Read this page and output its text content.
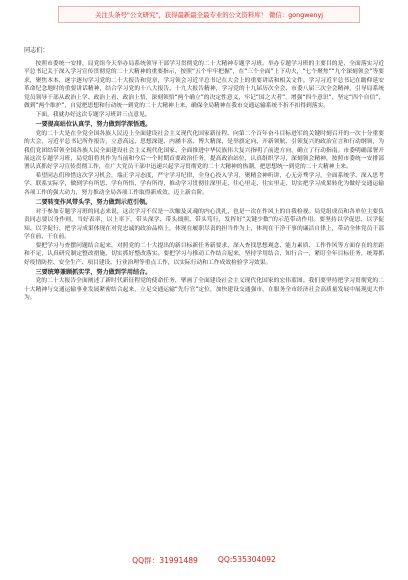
关注头条号"公文研究"，获得最新最全最专业的公文资料库！ 微信：gongwenyj

同志们：

按照市委统一安排，局党组今天举办局系统领导干部学习贯彻党的二十大精神专题学习班。举办专题学习班的主要目的是，全面落实习近平总书记关于深入学习宣传贯彻党的二十大精神的重要指示，按照“五个牢牢把握”，在“三个全面”上下功夫，“七个聚焦”“九个深刻领会”等要求，聚焦本本，逐字逐句学习党的二十大报告和党章，学习领会习近平总书记在大会上的重要讲话和相关文件。学习习近平总书记在瞻仰延安革命纪念地时的重要讲话精神，结合学习党的十八大报告、十九大报告精神，学习党的十九届历次全会、市委八届三次全会精神，引导局系统党员领导干部从政治上学、政治上看、政治上悟，深刻领悟“两个确立”的决定性意义，牢记“国之大者”，增强“四个意识”、坚定“四个自信”、做到“两个维护”，自觉把思想和行动统一到党的二十大精神上来，确保全局精神在我市交通运输系统不折不扣得到落实。

下面，我就办好这次专题学习班讲三点意见。

一要提高站位认真学，努力做到学深悟透。

党的二十大是在全党全国各族人民迈上全面建设社会主义现代化国家新征程、向第二个百年奋斗目标进军的关键时刻召开的一次十分重要的大会，习近平总书记所作报告，立意高远、思想深邃、内涵丰富、博大精深，是举旗定向、开新领航、引领复兴的政治宣言和行动纲领，为我们党团结带领全国各族人民全面建设社会主义现代化国家、全面推进中华民族伟大复兴指明了前进方向，确立了行动指南。市委明确部署开展这次专题学习班，局党组将其作为当前和今后一个时期首要政治任务，提高政治站位，认真组织学习，深刻领会精神，按照市委统一安排部署认真抓好学习宣传贯彻工作，在广大党员干部中迅速兴起学习贯彻党的二十大精神的热潮，把思想统一到党的二十大精神上来。

希望同志们珍惜这次学习机会，端正学习态度，严守学习纪律，全身心投入学习，聚精会神听讲，心无旁骛学习，全面系统学、深入思考学、联系实际学，做到学有所思、学有所悟、学有所得，推动学习贯彻往深里走、往心里走、往实里走，切实把学习成果转化为做好交通运输各项工作的强大动力，努力推动全局各项工作取得新成效、迈上新台阶。

二要转变作风带头学，努力做到示范引领。

对于参加专题学习班的同志来说，这次学习不仅是一次触及灵魂的内心洗礼，也是一次在作风上的自我检视。局党组成员和各单位主要负责同志要以身作则，当好表率，以上率下，带头深学、带头细照、带头笃行，发挥好“关键少数”的示范带动作用。要坚持以学促思、以学促知、以学促行，把学习成果体现在对党忠诚的政治品格上，体现在履职尽责的担当作为上，体现在干净干事的廉洁自律上，带动全体党员干部学在前、干在前。

要把学习与查摆问题结合起来，对照党的二十大提出的新目标新任务新要求，深入查找思想观念、能力素质、工作作风等方面存在的差距和不足，认真研究制定整改措施，切实抓好整改落实。要把学习与推动工作结合起来，坚持学用结合、知行合一，紧盯全年目标任务，统筹抓好疫情防控、安全生产、项目建设、行业治理等重点工作，以实际行动和工作成效检验学习效果。

三要统筹兼顾抓实学，努力做到学用结合。

党的二十大报告全面阐述了新时代新征程党的使命任务，擘画了全面建设社会主义现代化国家的宏伟蓝图。我们要坚持把学习贯彻党的二十大精神与交通运输事业发展紧密结合起来，立足交通运输“先行官”定位，加快建设交通强市，在服务全市经济社会高质量发展中展现更大作为。

QQ群：31991489	QQ:535304092
